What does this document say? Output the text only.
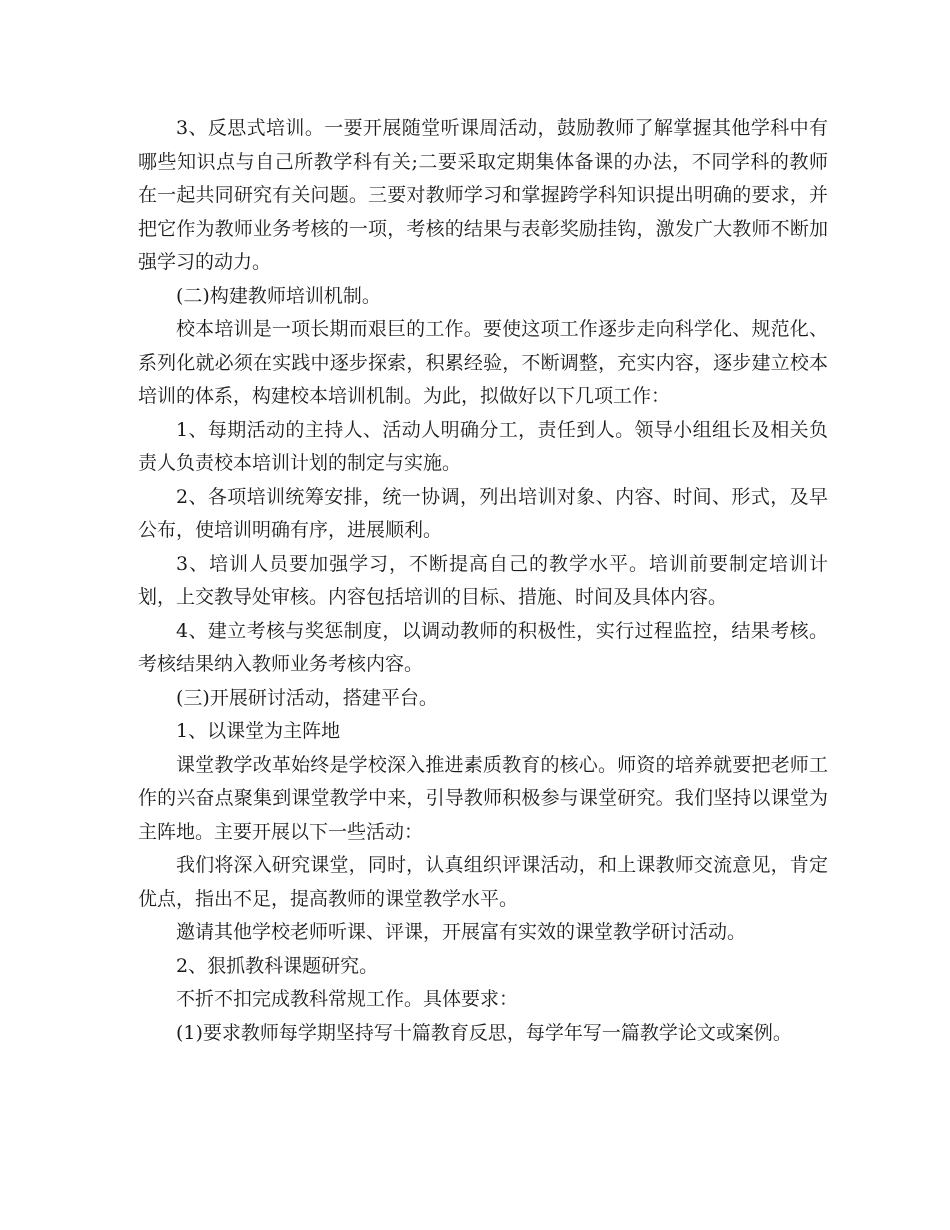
3、反思式培训。一要开展随堂听课周活动，鼓励教师了解掌握其他学科中有哪些知识点与自己所教学科有关;二要采取定期集体备课的办法，不同学科的教师在一起共同研究有关问题。三要对教师学习和掌握跨学科知识提出明确的要求，并把它作为教师业务考核的一项，考核的结果与表彰奖励挂钩，激发广大教师不断加强学习的动力。

(二)构建教师培训机制。

校本培训是一项长期而艰巨的工作。要使这项工作逐步走向科学化、规范化、系列化就必须在实践中逐步探索，积累经验，不断调整，充实内容，逐步建立校本培训的体系，构建校本培训机制。为此，拟做好以下几项工作：

1、每期活动的主持人、活动人明确分工，责任到人。领导小组组长及相关负责人负责校本培训计划的制定与实施。

2、各项培训统筹安排，统一协调，列出培训对象、内容、时间、形式，及早公布，使培训明确有序，进展顺利。

3、培训人员要加强学习，不断提高自己的教学水平。培训前要制定培训计划，上交教导处审核。内容包括培训的目标、措施、时间及具体内容。

4、建立考核与奖惩制度，以调动教师的积极性，实行过程监控，结果考核。考核结果纳入教师业务考核内容。

(三)开展研讨活动，搭建平台。

1、以课堂为主阵地

课堂教学改革始终是学校深入推进素质教育的核心。师资的培养就要把老师工作的兴奋点聚集到课堂教学中来，引导教师积极参与课堂研究。我们坚持以课堂为主阵地。主要开展以下一些活动：

我们将深入研究课堂，同时，认真组织评课活动，和上课教师交流意见，肯定优点，指出不足，提高教师的课堂教学水平。

邀请其他学校老师听课、评课，开展富有实效的课堂教学研讨活动。

2、狠抓教科课题研究。

不折不扣完成教科常规工作。具体要求：

(1)要求教师每学期坚持写十篇教育反思，每学年写一篇教学论文或案例。
